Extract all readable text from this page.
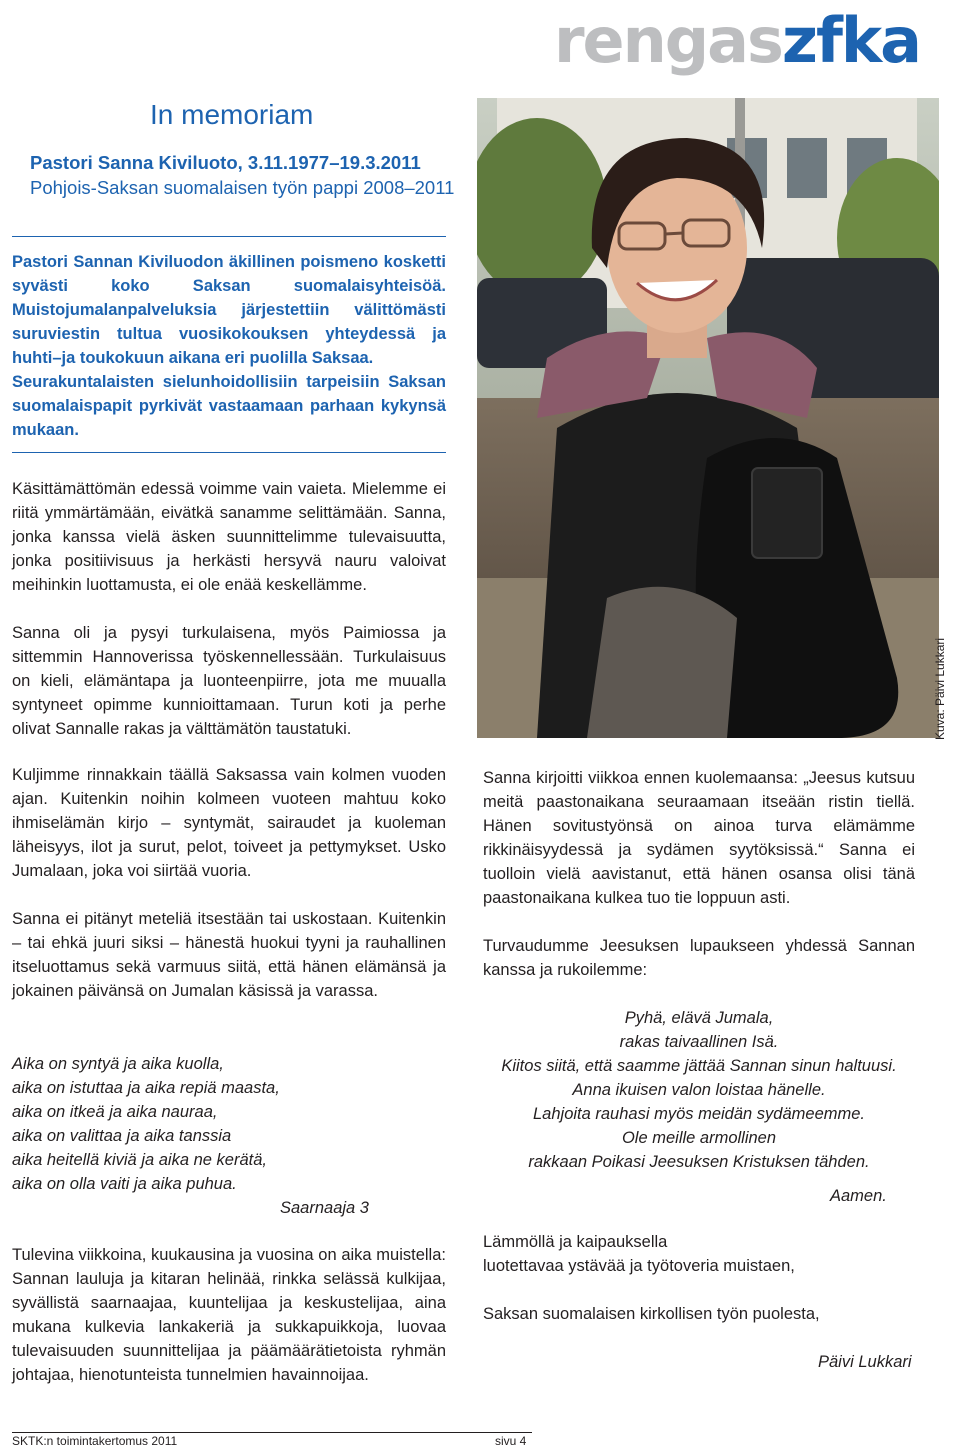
rengaszfka
In memoriam
Pastori Sanna Kiviluoto, 3.11.1977–19.3.2011
Pohjois-Saksan suomalaisen työn pappi 2008–2011
Pastori Sannan Kiviluodon äkillinen poismeno kosketti syvästi koko Saksan suomalaisyhteisöä. Muistojumalanpalveluksia järjestettiin välittömästi suruviestin tultua vuosikokouksen yhteydessä ja huhti–ja toukokuun aikana eri puolilla Saksaa.
Seurakuntalaisten sielunhoidollisiin tarpeisiin Saksan suomalaispapit pyrkivät vastaamaan parhaan kykynsä mukaan.

Käsittämättömän edessä voimme vain vaieta. Mielemme ei riitä ymmärtämään, eivätkä sanamme selittämään. Sanna, jonka kanssa vielä äsken suunnittelimme tulevaisuutta, jonka positiivisuus ja herkästi hersyvä nauru valoivat meihinkin luottamusta, ei ole enää keskellämme.

Sanna oli ja pysyi turkulaisena, myös Paimiossa ja sittemmin Hannoverissa työskennellessään. Turkulaisuus on kieli, elämäntapa ja luonteenpiirre, jota me muualla syntyneet opimme kunnioittamaan. Turun koti ja perhe olivat Sannalle rakas ja välttämätön taustatuki.

Kuljimme rinnakkain täällä Saksassa vain kolmen vuoden ajan. Kuitenkin noihin kolmeen vuoteen mahtuu koko ihmiselämän kirjo – syntymät, sairaudet ja kuoleman läheisyys, ilot ja surut, pelot, toiveet ja pettymykset. Usko Jumalaan, joka voi siirtää vuoria.

Sanna ei pitänyt meteliä itsestään tai uskostaan. Kuitenkin – tai ehkä juuri siksi – hänestä huokui tyyni ja rauhallinen itseluottamus sekä varmuus siitä, että hänen elämänsä ja jokainen päivänsä on Jumalan käsissä ja varassa.

Aika on syntyä ja aika kuolla,
aika on istuttaa ja aika repiä maasta,
aika on itkeä ja aika nauraa,
aika on valittaa ja aika tanssia
aika heitellä kiviä ja aika ne kerätä,
aika on olla vaiti ja aika puhua.
Saarnaaja 3

Tulevina viikkoina, kuukausina ja vuosina on aika muistella: Sannan lauluja ja kitaran helinää, rinkka selässä kulkijaa, syvällistä saarnaajaa, kuuntelijaa ja keskustelijaa, aina mukana kulkevia lankakeriä ja sukkapuikkoja, luovaa tulevaisuuden suunnittelijaa ja päämäärätietoista ryhmän johtajaa, hienotunteista tunnelmien havainnoijaa.

Kuva: Päivi Lukkari

Sanna kirjoitti viikkoa ennen kuolemaansa: „Jeesus kutsuu meitä paastonaikana seuraamaan itseään ristin tiellä. Hänen sovitustyönsä on ainoa turva elämämme rikkinäisyydessä ja sydämen syytöksissä.“ Sanna ei tuolloin vielä aavistanut, että hänen osansa olisi tänä paastonaikana kulkea tuo tie loppuun asti.

Turvaudumme Jeesuksen lupaukseen yhdessä Sannan kanssa ja rukoilemme:

Pyhä, elävä Jumala,
rakas taivaallinen Isä.
Kiitos siitä, että saamme jättää Sannan sinun haltuusi.
Anna ikuisen valon loistaa hänelle.
Lahjoita rauhasi myös meidän sydämeemme.
Ole meille armollinen
rakkaan Poikasi Jeesuksen Kristuksen tähden.
Aamen.
Lämmöllä ja kaipauksella
luotettavaa ystävää ja työtoveria muistaen,
Saksan suomalaisen kirkollisen työn puolesta,
Päivi Lukkari
SKTK:n toimintakertomus 2011	sivu 4
